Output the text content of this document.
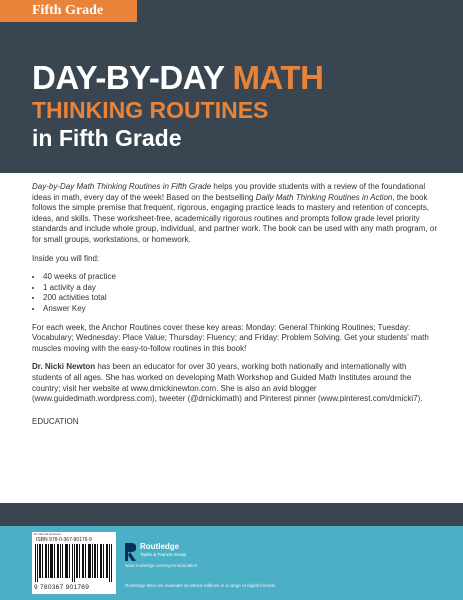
Fifth Grade
DAY-BY-DAY MATH
THINKING ROUTINES
in Fifth Grade

Day-by-Day Math Thinking Routines in Fifth Grade helps you provide students with a review of the foundational ideas in math, every day of the week! Based on the bestselling Daily Math Thinking Routines in Action, the book follows the simple premise that frequent, rigorous, engaging practice leads to mastery and retention of concepts, ideas, and skills. These worksheet-free, academically rigorous routines and prompts follow grade level priority standards and include whole group, individual, and partner work. The book can be used with any math program, or for small groups, workstations, or homework.

Inside you will find:

• 40 weeks of practice
• 1 activity a day
• 200 activities total
• Answer Key

For each week, the Anchor Routines cover these key areas: Monday: General Thinking Routines; Tuesday: Vocabulary; Wednesday: Place Value; Thursday: Fluency; and Friday: Problem Solving. Get your students' math muscles moving with the easy-to-follow routines in this book!

Dr. Nicki Newton has been an educator for over 30 years, working both nationally and internationally with students of all ages. She has worked on developing Math Workshop and Guided Math Institutes around the country; visit her website at www.drnickinewton.com. She is also an avid blogger (www.guidedmath.wordpress.com), tweeter (@drnickimath) and Pinterest pinner (www.pinterest.com/drnicki7).

EDUCATION

Cover image: © Getty Images
an informa business
ISBN 978-0-367-90176-9
9 780367 901769
Routledge
Taylor & Francis Group
www.routledge.com/eyeoneducation
Routledge titles are available as eBook editions in a range of digital formats
